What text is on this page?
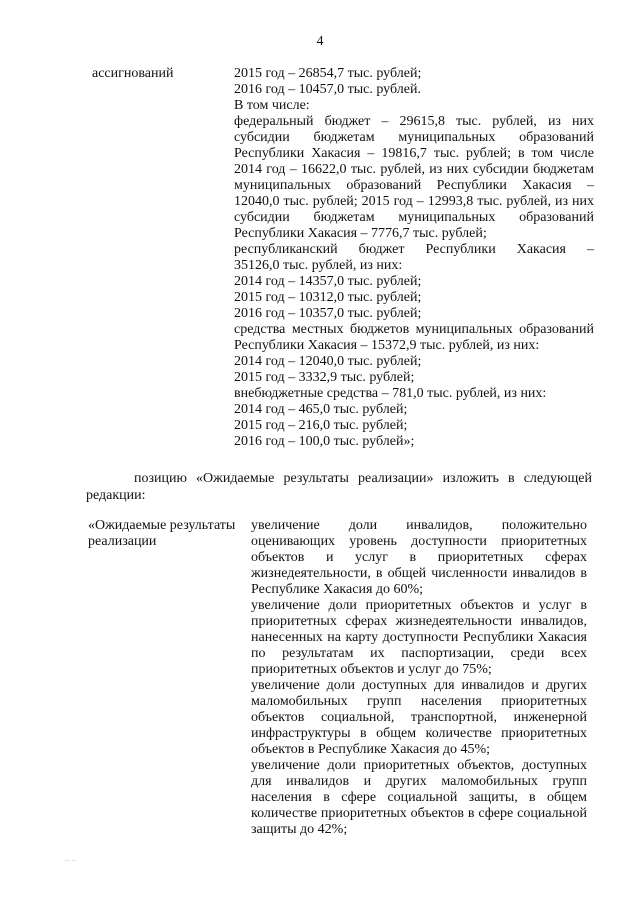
4
ассигнований	2015 год – 26854,7 тыс. рублей;
2016 год – 10457,0 тыс. рублей.
В том числе:
федеральный бюджет – 29615,8 тыс. рублей, из них
субсидии бюджетам муниципальных образований
Республики Хакасия – 19816,7 тыс. рублей; в том числе
2014 год – 16622,0 тыс. рублей, из них субсидии бюджетам
муниципальных образований Республики Хакасия –
12040,0 тыс. рублей; 2015 год – 12993,8 тыс. рублей, из них
субсидии бюджетам муниципальных образований
Республики Хакасия – 7776,7 тыс. рублей;
республиканский бюджет Республики Хакасия –
35126,0 тыс. рублей, из них:
2014 год – 14357,0 тыс. рублей;
2015 год – 10312,0 тыс. рублей;
2016 год – 10357,0 тыс. рублей;
средства местных бюджетов муниципальных образований
Республики Хакасия – 15372,9 тыс. рублей, из них:
2014 год – 12040,0 тыс. рублей;
2015 год – 3332,9 тыс. рублей;
внебюджетные средства – 781,0 тыс. рублей, из них:
2014 год – 465,0 тыс. рублей;
2015 год – 216,0 тыс. рублей;
2016 год – 100,0 тыс. рублей»;
позицию «Ожидаемые результаты реализации» изложить в следующей
редакции:
«Ожидаемые результаты
реализации
увеличение доли инвалидов, положительно
оценивающих уровень доступности приоритетных
объектов и услуг в приоритетных сферах
жизнедеятельности, в общей численности инвалидов в
Республике Хакасия до 60%;
увеличение доли приоритетных объектов и услуг в
приоритетных сферах жизнедеятельности инвалидов,
нанесенных на карту доступности Республики Хакасия
по результатам их паспортизации, среди всех
приоритетных объектов и услуг до 75%;
увеличение доли доступных для инвалидов и других
маломобильных групп населения приоритетных
объектов социальной, транспортной, инженерной
инфраструктуры в общем количестве приоритетных
объектов в Республике Хакасия до 45%;
увеличение доли приоритетных объектов, доступных
для инвалидов и других маломобильных групп
населения в сфере социальной защиты, в общем
количестве приоритетных объектов в сфере социальной
защиты до 42%;
... ..
